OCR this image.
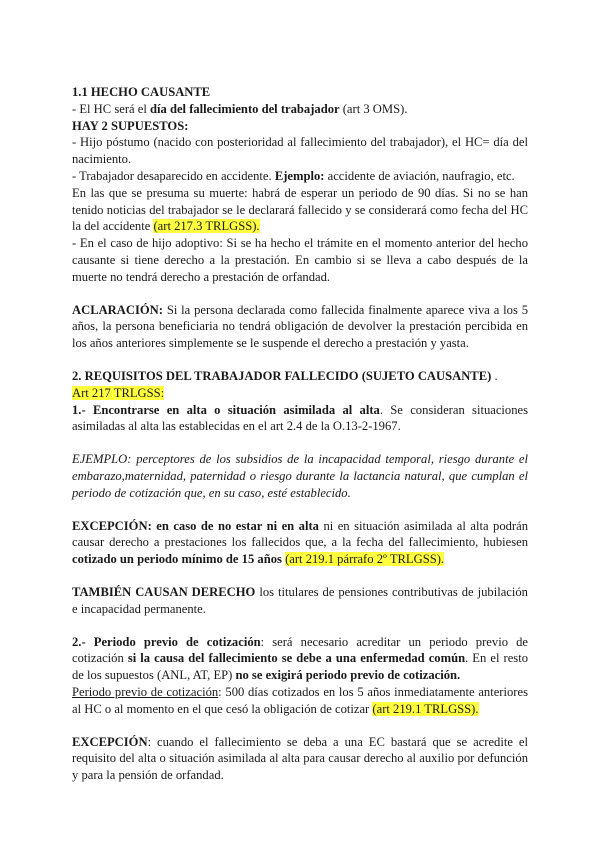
1.1 HECHO CAUSANTE

- El HC será el día del fallecimiento del trabajador (art 3 OMS).

HAY 2 SUPUESTOS:

- Hijo póstumo (nacido con posterioridad al fallecimiento del trabajador), el HC= día del nacimiento.

- Trabajador desaparecido en accidente. Ejemplo: accidente de aviación, naufragio, etc.

En las que se presuma su muerte: habrá de esperar un periodo de 90 días. Si no se han tenido noticias del trabajador se le declarará fallecido y se considerará como fecha del HC la del accidente (art 217.3 TRLGSS).

- En el caso de hijo adoptivo: Si se ha hecho el trámite en el momento anterior del hecho causante si tiene derecho a la prestación. En cambio si se lleva a cabo después de la muerte no tendrá derecho a prestación de orfandad.

ACLARACIÓN: Si la persona declarada como fallecida finalmente aparece viva a los 5 años, la persona beneficiaria no tendrá obligación de devolver la prestación percibida en los años anteriores simplemente se le suspende el derecho a prestación y yasta.

2. REQUISITOS DEL TRABAJADOR FALLECIDO (SUJETO CAUSANTE) .

Art 217 TRLGSS:

1.- Encontrarse en alta o situación asimilada al alta. Se consideran situaciones asimiladas al alta las establecidas en el art 2.4 de la O.13-2-1967.

EJEMPLO: perceptores de los subsidios de la incapacidad temporal, riesgo durante el embarazo,maternidad, paternidad o riesgo durante la lactancia natural, que cumplan el periodo de cotización que, en su caso, esté establecido.

EXCEPCIÓN: en caso de no estar ni en alta ni en situación asimilada al alta podrán causar derecho a prestaciones los fallecidos que, a la fecha del fallecimiento, hubiesen cotizado un periodo mínimo de 15 años (art 219.1 párrafo 2º TRLGSS).

TAMBIÉN CAUSAN DERECHO los titulares de pensiones contributivas de jubilación e incapacidad permanente.

2.- Periodo previo de cotización: será necesario acreditar un periodo previo de cotización si la causa del fallecimiento se debe a una enfermedad común. En el resto de los supuestos (ANL, AT, EP) no se exigirá periodo previo de cotización.

Periodo previo de cotización: 500 días cotizados en los 5 años inmediatamente anteriores al HC o al momento en el que cesó la obligación de cotizar (art 219.1 TRLGSS).

EXCEPCIÓN: cuando el fallecimiento se deba a una EC bastará que se acredite el requisito del alta o situación asimilada al alta para causar derecho al auxilio por defunción y para la pensión de orfandad.
